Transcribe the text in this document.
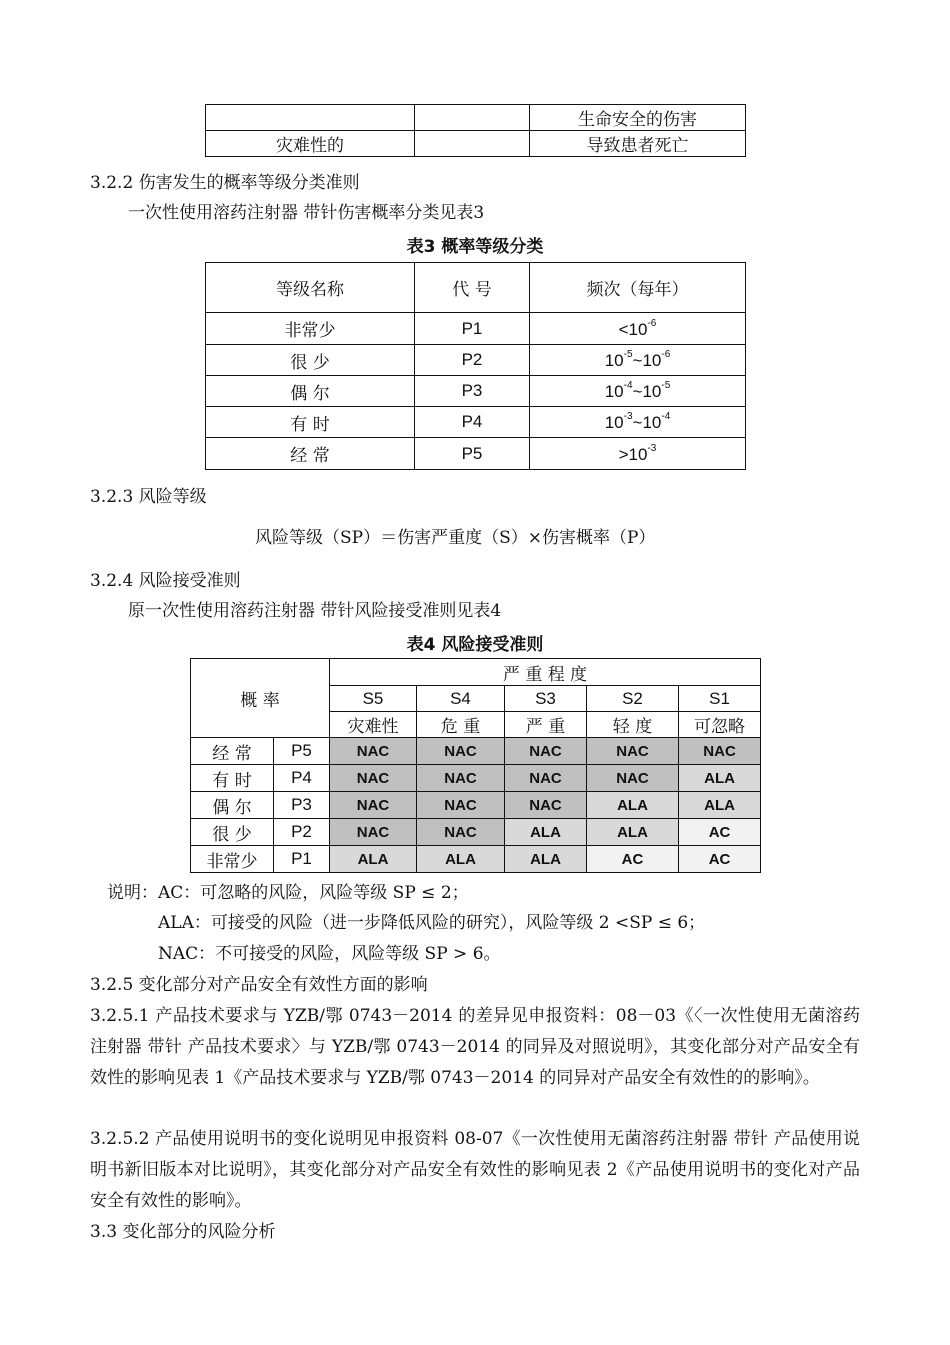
		生命安全的伤害
灾难性的		导致患者死亡
3.2.2 伤害发生的概率等级分类准则
一次性使用溶药注射器 带针伤害概率分类见表3
表3 概率等级分类
等级名称	代 号	频次（每年）
非常少	P1	$<10^{-6}$
很 少	P2	$10^{-5}\sim 10^{-6}$
偶 尔	P3	$10^{-4}\sim 10^{-5}$
有 时	P4	$10^{-3}\sim 10^{-4}$
经 常	P5	$>10^{-3}$
3.2.3 风险等级
风险等级（SP）＝伤害严重度（S）×伤害概率（P）
3.2.4 风险接受准则
原一次性使用溶药注射器 带针风险接受准则见表4
表4 风险接受准则
概 率		严 重 程 度				
		S5	S4	S3	S2	S1
		灾难性	危 重	严 重	轻 度	可忽略
经 常	P5	NAC	NAC	NAC	NAC	NAC
有 时	P4	NAC	NAC	NAC	NAC	ALA
偶 尔	P3	NAC	NAC	NAC	ALA	ALA
很 少	P2	NAC	NAC	ALA	ALA	AC
非常少	P1	ALA	ALA	ALA	AC	AC
说明：AC：可忽略的风险，风险等级 SP ≤ 2；
ALA：可接受的风险（进一步降低风险的研究），风险等级 2 <SP ≤ 6；
NAC：不可接受的风险，风险等级 SP > 6。
3.2.5 变化部分对产品安全有效性方面的影响
3.2.5.1 产品技术要求与 YZB/鄂 0743－2014 的差异见申报资料：08－03《〈一次性使用无菌溶药注射器 带针 产品技术要求〉与 YZB/鄂 0743－2014 的同异及对照说明》，其变化部分对产品安全有效性的影响见表 1《产品技术要求与 YZB/鄂 0743－2014 的同异对产品安全有效性的的影响》。
3.2.5.2 产品使用说明书的变化说明见申报资料 08-07《一次性使用无菌溶药注射器 带针 产品使用说明书新旧版本对比说明》，其变化部分对产品安全有效性的影响见表 2《产品使用说明书的变化对产品安全有效性的影响》。
3.3 变化部分的风险分析
